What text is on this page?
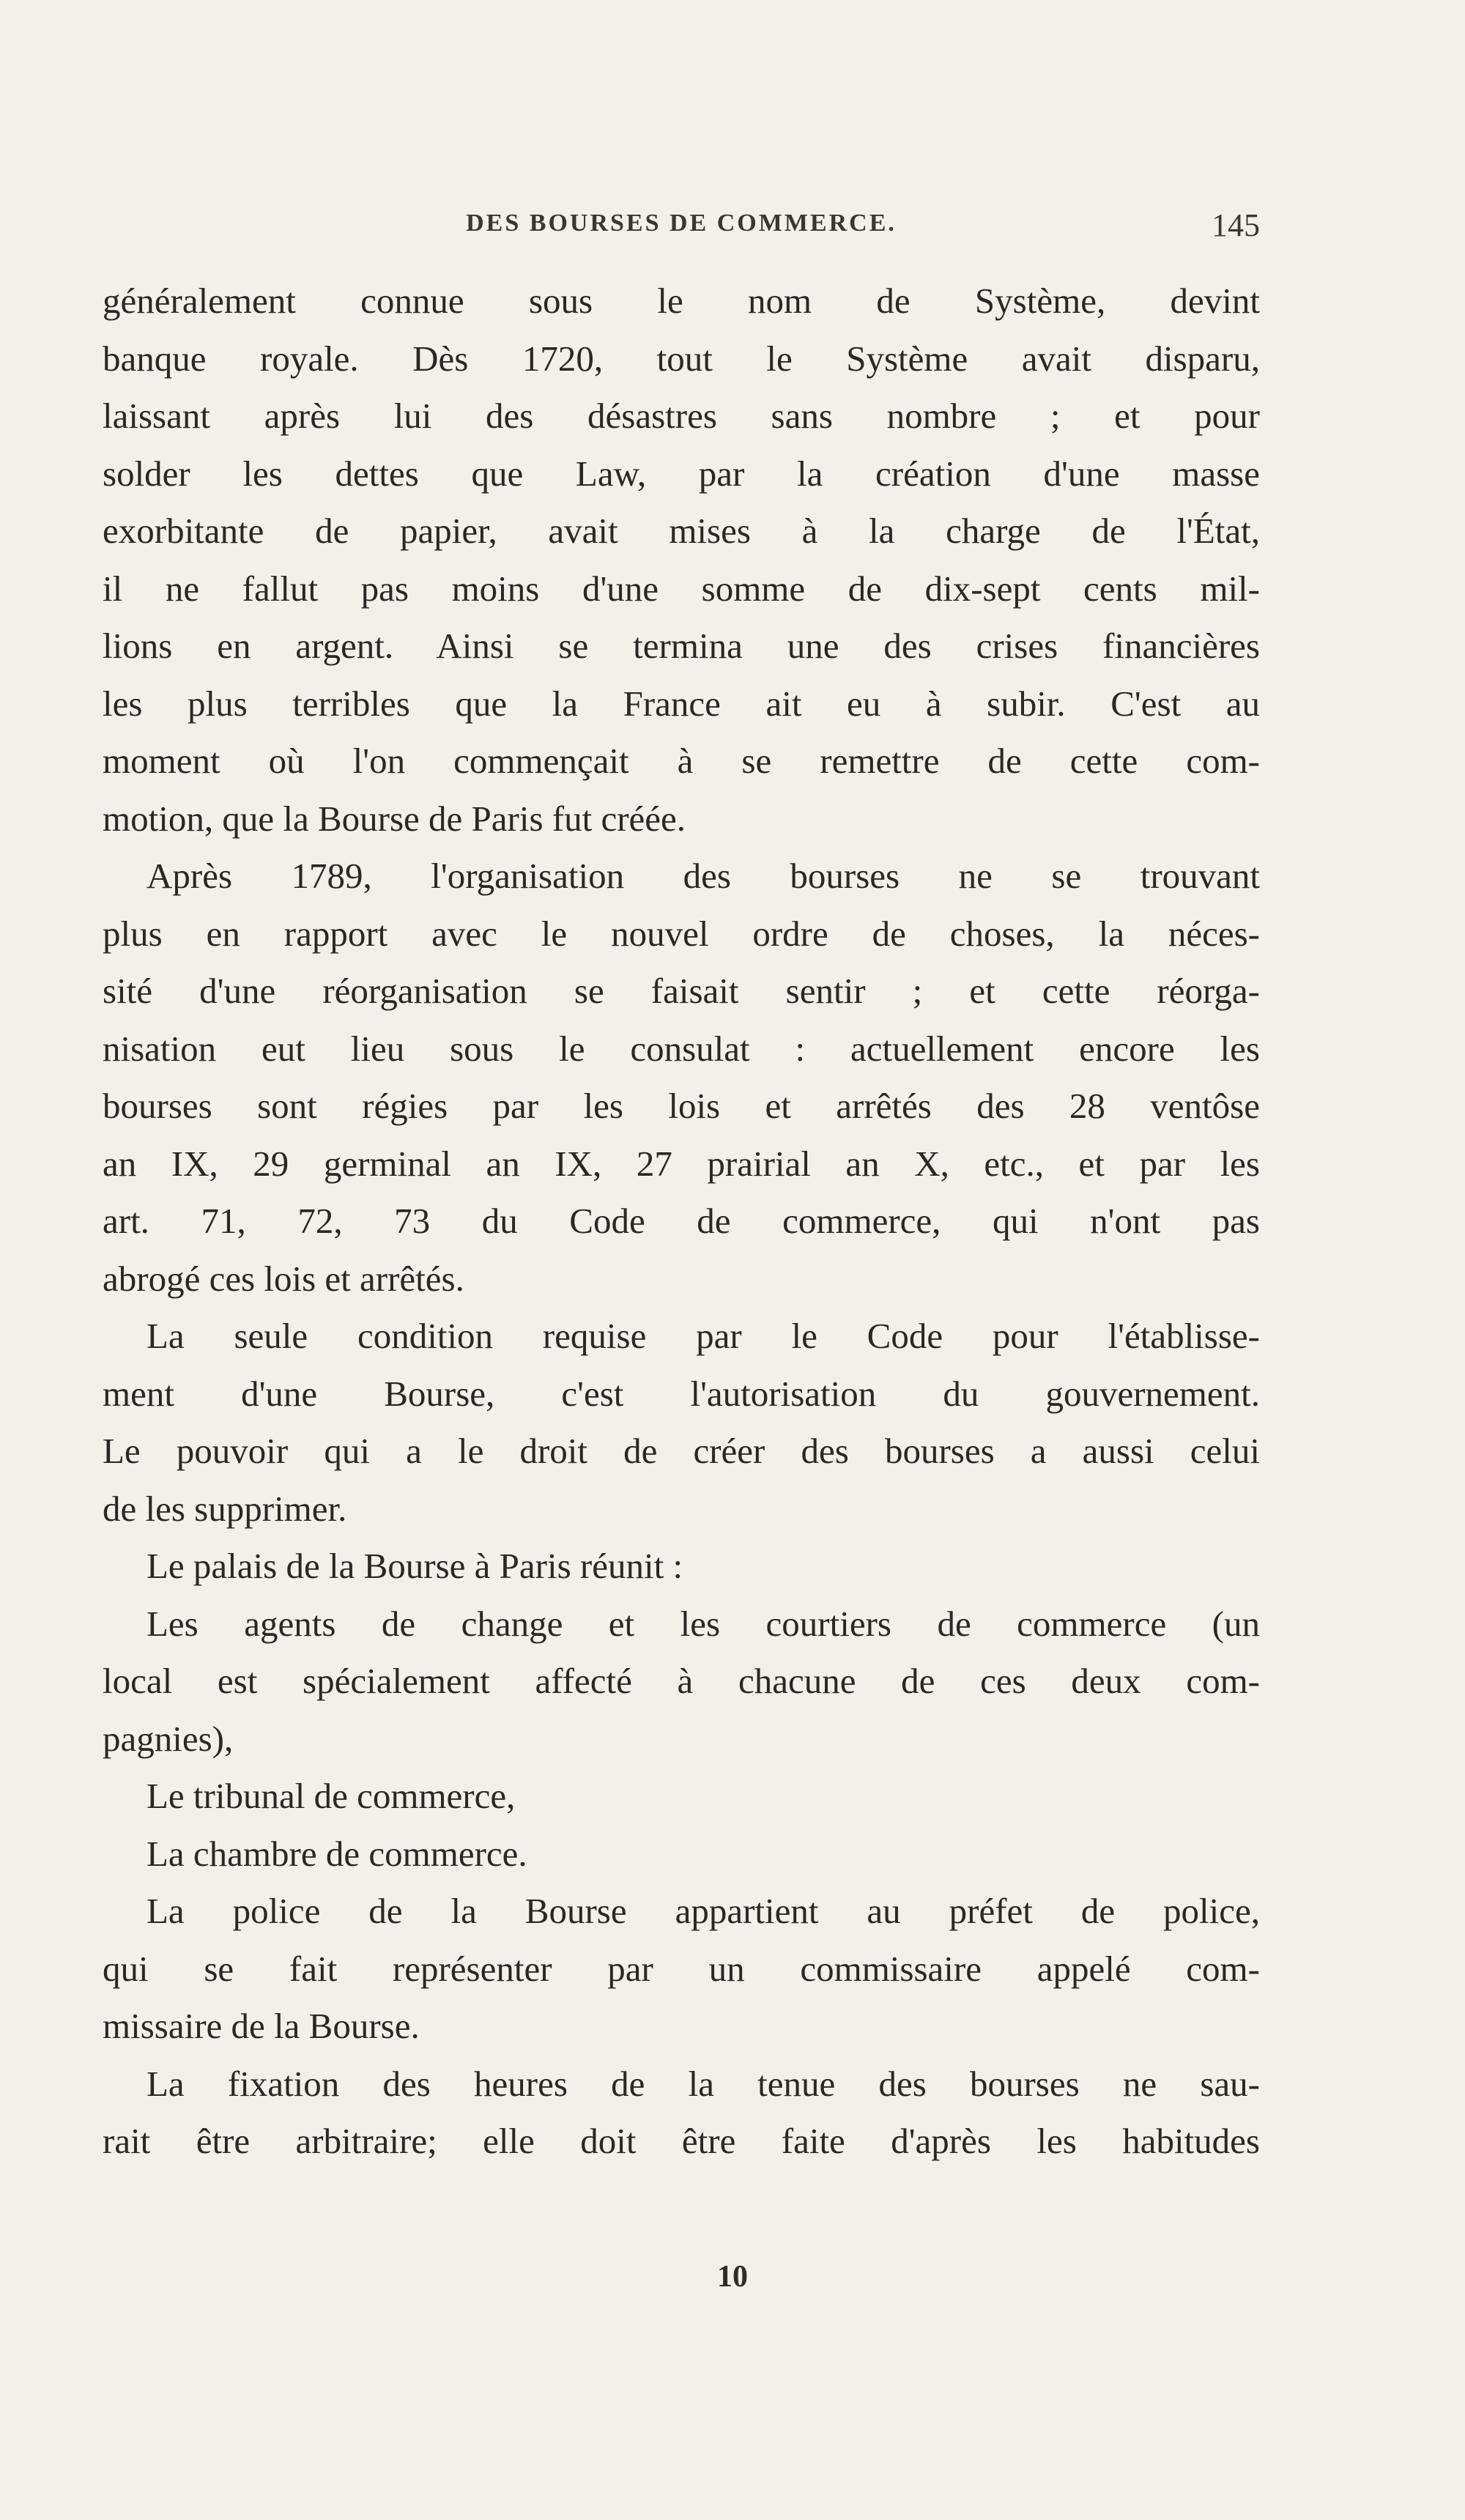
DES BOURSES DE COMMERCE.	145
généralement connue sous le nom de Système, devint
banque royale. Dès 1720, tout le Système avait disparu,
laissant après lui des désastres sans nombre ; et pour
solder les dettes que Law, par la création d'une masse
exorbitante de papier, avait mises à la charge de l'État,
il ne fallut pas moins d'une somme de dix-sept cents mil-
lions en argent. Ainsi se termina une des crises financières
les plus terribles que la France ait eu à subir. C'est au
moment où l'on commençait à se remettre de cette com-
motion, que la Bourse de Paris fut créée.
Après 1789, l'organisation des bourses ne se trouvant
plus en rapport avec le nouvel ordre de choses, la néces-
sité d'une réorganisation se faisait sentir ; et cette réorga-
nisation eut lieu sous le consulat : actuellement encore les
bourses sont régies par les lois et arrêtés des 28 ventôse
an IX, 29 germinal an IX, 27 prairial an X, etc., et par les
art. 71, 72, 73 du Code de commerce, qui n'ont pas
abrogé ces lois et arrêtés.
La seule condition requise par le Code pour l'établisse-
ment d'une Bourse, c'est l'autorisation du gouvernement.
Le pouvoir qui a le droit de créer des bourses a aussi celui
de les supprimer.
Le palais de la Bourse à Paris réunit :
Les agents de change et les courtiers de commerce (un
local est spécialement affecté à chacune de ces deux com-
pagnies),
Le tribunal de commerce,
La chambre de commerce.
La police de la Bourse appartient au préfet de police,
qui se fait représenter par un commissaire appelé com-
missaire de la Bourse.
La fixation des heures de la tenue des bourses ne sau-
rait être arbitraire; elle doit être faite d'après les habitudes
10
